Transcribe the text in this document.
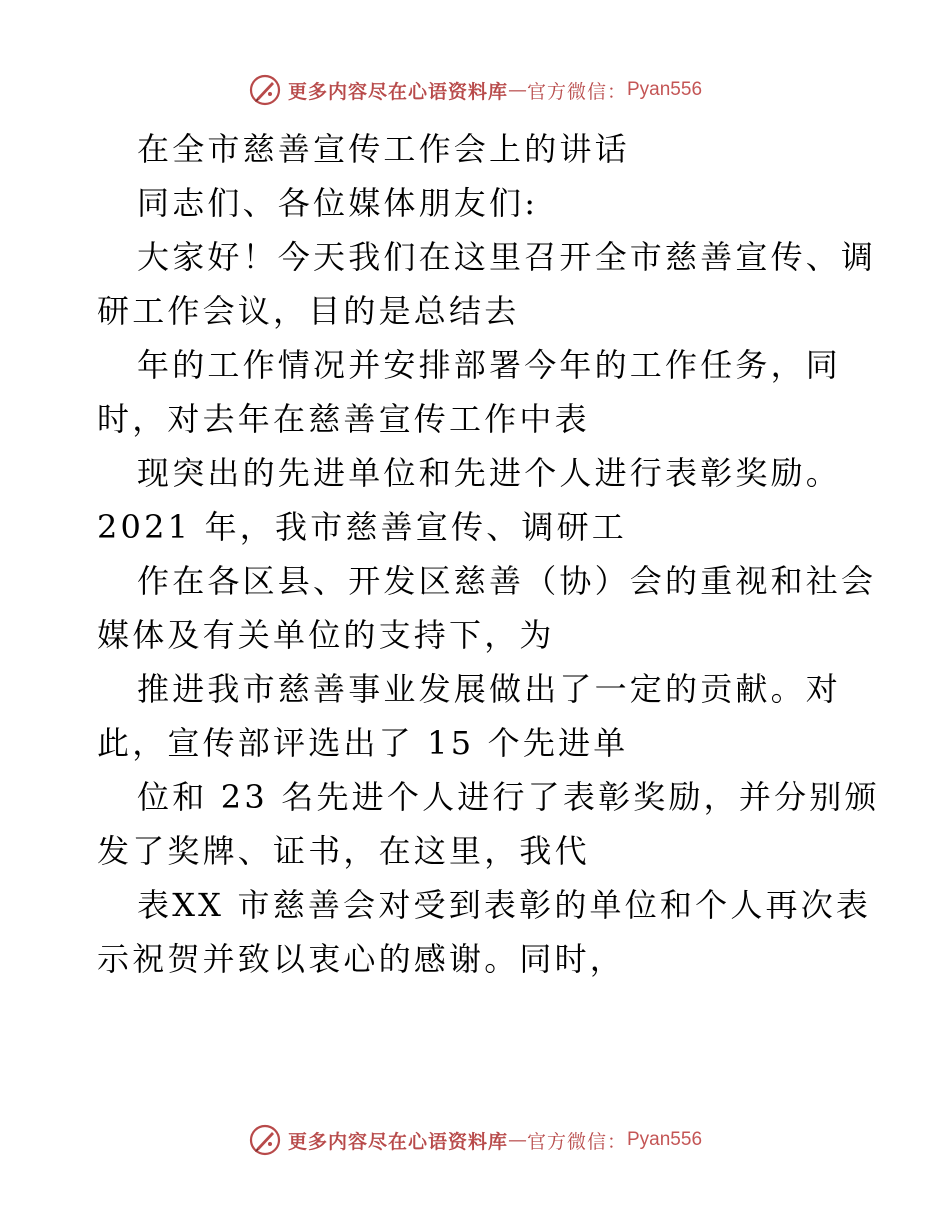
更多内容尽在心语资料库 — 官方微信： Pyan556
在全市慈善宣传工作会上的讲话
同志们、各位媒体朋友们:
大家好！今天我们在这里召开全市慈善宣传、调
研工作会议，目的是总结去
年的工作情况并安排部署今年的工作任务，同
时，对去年在慈善宣传工作中表
现突出的先进单位和先进个人进行表彰奖励。
2021 年，我市慈善宣传、调研工
作在各区县、开发区慈善（协）会的重视和社会
媒体及有关单位的支持下，为
推进我市慈善事业发展做出了一定的贡献。对
此，宣传部评选出了 15 个先进单
位和 23 名先进个人进行了表彰奖励，并分别颁
发了奖牌、证书，在这里，我代
表XX 市慈善会对受到表彰的单位和个人再次表
示祝贺并致以衷心的感谢。同时，
更多内容尽在心语资料库 — 官方微信： Pyan556
